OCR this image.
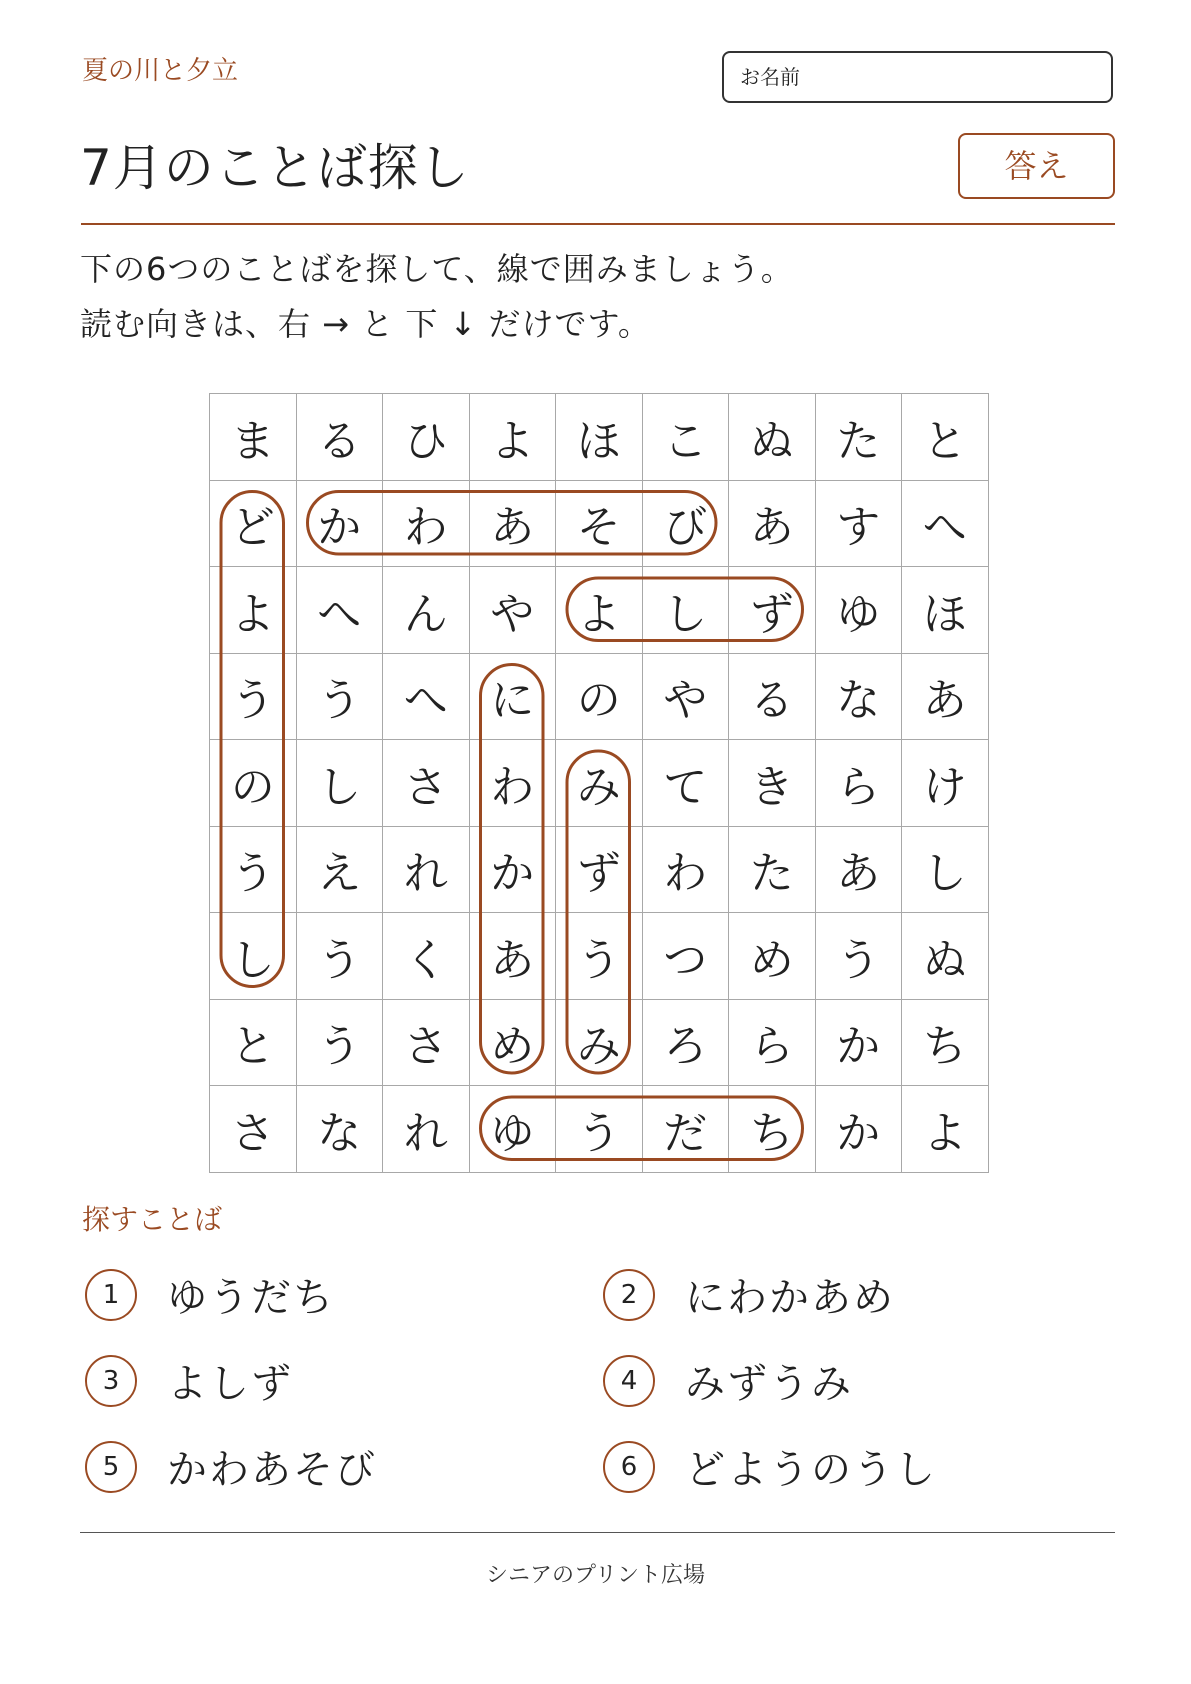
夏の川と夕立	お名前
7月のことば探し	答え
下の6つのことばを探して、線で囲みましょう。
読む向きは、右 → と 下 ↓ だけです。
ま る ひ よ ほ こ ぬ た と
ど か わ あ そ び あ す へ
よ へ ん や よ し ず ゆ ほ
う う へ に の や る な あ
の し さ わ み て き ら け
う え れ か ず わ た あ し
し う く あ う つ め う ぬ
と う さ め み ろ ら か ち
さ な れ ゆ う だ ち か よ
探すことば
1	ゆうだち	2	にわかあめ
3	よしず	4	みずうみ
5	かわあそび	6	どようのうし
シニアのプリント広場
